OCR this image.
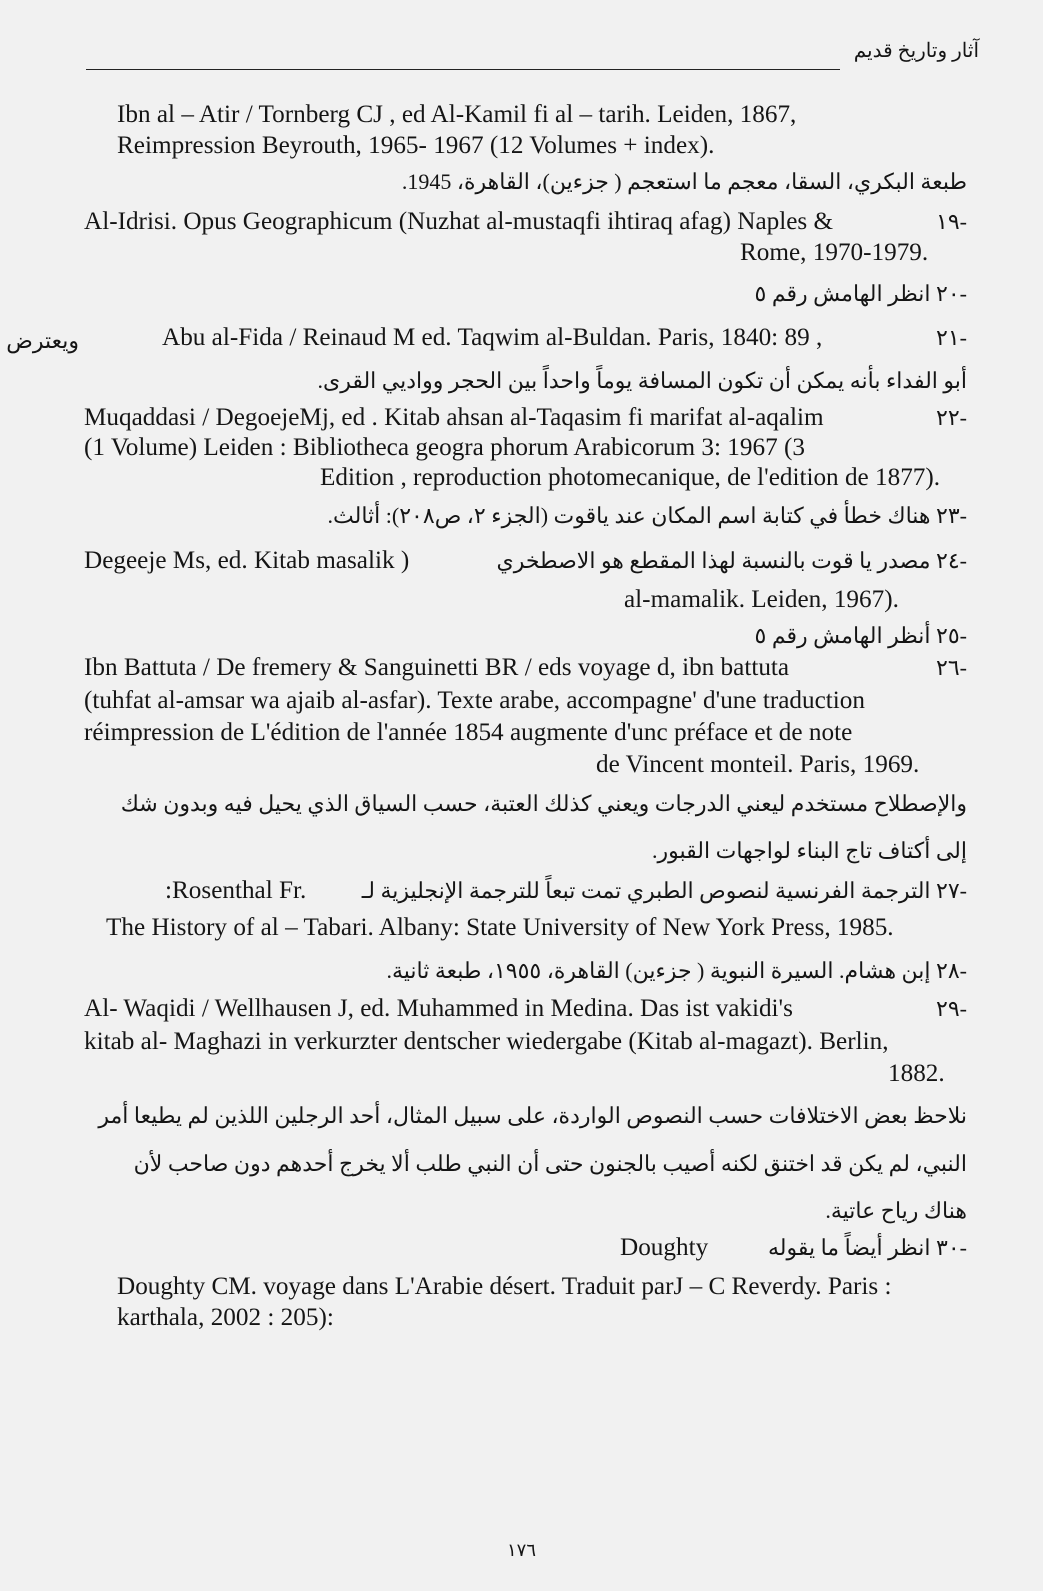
آثار وتاريخ قديم
Ibn al – Atir / Tornberg CJ , ed Al-Kamil fi al – tarih. Leiden, 1867,
Reimpression Beyrouth, 1965- 1967 (12 Volumes + index).
طبعة البكري، السقا، معجم ما استعجم ( جزءين)، القاهرة، 1945.
Al-Idrisi. Opus Geographicum (Nuzhat al-mustaqfi ihtiraq afag) Naples &	-١٩
Rome, 1970-1979.
-٢٠ انظر الهامش رقم ٥
ويعترض	Abu al-Fida / Reinaud M ed. Taqwim al-Buldan. Paris, 1840: 89 ,	-٢١
أبو الفداء بأنه يمكن أن تكون المسافة يوماً واحداً بين الحجر وواديي القرى.
Muqaddasi / DegoejeMj, ed . Kitab ahsan al-Taqasim fi marifat al-aqalim	-٢٢
(1 Volume) Leiden : Bibliotheca geogra phorum Arabicorum 3: 1967 (3
Edition , reproduction photomecanique, de l'edition de 1877).
-٢٣ هناك خطأ في كتابة اسم المكان عند ياقوت (الجزء ٢، ص٢٠٨): أثالث.
Degeeje Ms, ed. Kitab masalik )	-٢٤ مصدر يا قوت بالنسبة لهذا المقطع هو الاصطخري
al-mamalik. Leiden, 1967).
-٢٥ أنظر الهامش رقم ٥
Ibn Battuta / De fremery & Sanguinetti BR / eds voyage d, ibn battuta	-٢٦
(tuhfat al-amsar wa ajaib al-asfar). Texte arabe, accompagne' d'une traduction
réimpression de L'édition de l'année 1854 augmente d'unc préface et de note
de Vincent monteil. Paris, 1969.
والإصطلاح مستخدم ليعني الدرجات ويعني كذلك العتبة، حسب السياق الذي يحيل فيه وبدون شك
إلى أكتاف تاج البناء لواجهات القبور.
:Rosenthal Fr.	-٢٧ الترجمة الفرنسية لنصوص الطبري تمت تبعاً للترجمة الإنجليزية لـ
The History of al – Tabari. Albany: State University of New York Press, 1985.
-٢٨ إبن هشام. السيرة النبوية ( جزءين) القاهرة، ١٩٥٥، طبعة ثانية.
Al- Waqidi / Wellhausen J, ed. Muhammed in Medina. Das ist vakidi's	-٢٩
kitab al- Maghazi in verkurzter dentscher wiedergabe (Kitab al-magazt). Berlin,
1882.
نلاحظ بعض الاختلافات حسب النصوص الواردة، على سبيل المثال، أحد الرجلين اللذين لم يطيعا أمر
النبي، لم يكن قد اختنق لكنه أصيب بالجنون حتى أن النبي طلب ألا يخرج أحدهم دون صاحب لأن
هناك رياح عاتية.
Doughty	-٣٠ انظر أيضاً ما يقوله
Doughty CM. voyage dans L'Arabie désert. Traduit parJ – C Reverdy. Paris :
karthala, 2002 : 205):
١٧٦
